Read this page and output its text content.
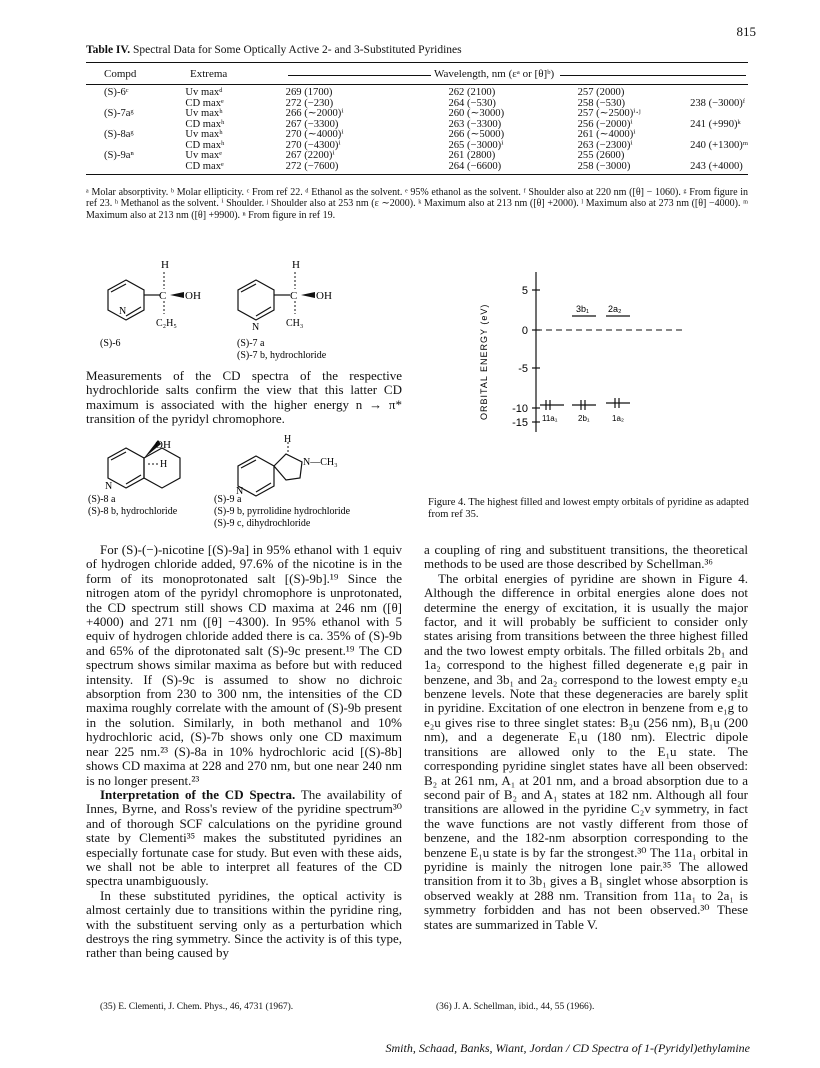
815
Table IV. Spectral Data for Some Optically Active 2- and 3-Substituted Pyridines
Compd	Extrema	Wavelength, nm (εᵃ or [θ]ᵇ)
(S)-6ᶜ	Uv maxᵈ	269 (1700)	262 (2100)	257 (2000)	
	CD maxᵉ	272 (−230)	264 (−530)	258 (−530)	238 (−3000)ᶠ
(S)-7aᵍ	Uv maxʰ	266 (∼2000)ⁱ	260 (∼3000)	257 (∼2500)ⁱ·ʲ	
	CD maxʰ	267 (−3300)	263 (−3300)	256 (−2000)ⁱ	241 (+990)ᵏ
(S)-8aᵍ	Uv maxʰ	270 (∼4000)ⁱ	266 (∼5000)	261 (∼4000)ⁱ	
	CD maxʰ	270 (−4300)ⁱ	265 (−3000)ⁱ	263 (−2300)ⁱ	240 (+1300)ᵐ
(S)-9aⁿ	Uv maxᵉ	267 (2200)ⁱ	261 (2800)	255 (2600)	
	CD maxᵉ	272 (−7600)	264 (−6600)	258 (−3000)	243 (+4000)
ᵃ Molar absorptivity. ᵇ Molar ellipticity. ᶜ From ref 22. ᵈ Ethanol as the solvent. ᵉ 95% ethanol as the solvent. ᶠ Shoulder also at 220 nm ([θ] − 1060). ᵍ From figure in ref 23. ʰ Methanol as the solvent. ⁱ Shoulder. ʲ Shoulder also at 253 nm (ε ∼2000). ᵏ Maximum also at 213 nm ([θ] +2000). ˡ Maximum also at 273 nm ([θ] −4000). ᵐ Maximum also at 213 nm ([θ] +9900). ⁿ From figure in ref 19.
H
C OH
N
C₂H₅
H
C OH
N	CH₃
(S)-6	(S)-7 a
(S)-7 b, hydrochloride

Measurements of the CD spectra of the respective hydrochloride salts confirm the view that this latter CD maximum is associated with the higher energy n → π* transition of the pyridyl chromophore.

OH
H
N
H
N—CH₃
N
(S)-8 a
(S)-8 b, hydrochloride
(S)-9 a
(S)-9 b, pyrrolidine hydrochloride
(S)-9 c, dihydrochloride
5
0
-5
-10
-15
3b₁ 2a₂
11a₁	2b₁	1a₂
ORBITAL ENERGY (eV)
Figure 4. The highest filled and lowest empty orbitals of pyridine as adapted from ref 35.

For (S)-(−)-nicotine [(S)-9a] in 95% ethanol with 1 equiv of hydrogen chloride added, 97.6% of the nicotine is in the form of its monoprotonated salt [(S)-9b].¹⁹ Since the nitrogen atom of the pyridyl chromophore is unprotonated, the CD spectrum still shows CD maxima at 246 nm ([θ] +4000) and 271 nm ([θ] −4300). In 95% ethanol with 5 equiv of hydrogen chloride added there is ca. 35% of (S)-9b and 65% of the diprotonated salt (S)-9c present.¹⁹ The CD spectrum shows similar maxima as before but with reduced intensity. If (S)-9c is assumed to show no dichroic absorption from 230 to 300 nm, the intensities of the CD maxima roughly correlate with the amount of (S)-9b present in the solution. Similarly, in both methanol and 10% hydrochloric acid, (S)-7b shows only one CD maximum near 225 nm.²³ (S)-8a in 10% hydrochloric acid [(S)-8b] shows CD maxima at 228 and 270 nm, but one near 240 nm is no longer present.²³

Interpretation of the CD Spectra. The availability of Innes, Byrne, and Ross's review of the pyridine spectrum³⁰ and of thorough SCF calculations on the pyridine ground state by Clementi³⁵ makes the substituted pyridines an especially fortunate case for study. But even with these aids, we shall not be able to interpret all features of the CD spectra unambiguously.

In these substituted pyridines, the optical activity is almost certainly due to transitions within the pyridine ring, with the substituent serving only as a perturbation which destroys the ring symmetry. Since the activity is of this type, rather than being caused by

(35) E. Clementi, J. Chem. Phys., 46, 4731 (1967).

a coupling of ring and substituent transitions, the theoretical methods to be used are those described by Schellman.³⁶

The orbital energies of pyridine are shown in Figure 4. Although the difference in orbital energies alone does not determine the energy of excitation, it is usually the major factor, and it will probably be sufficient to consider only states arising from transitions between the three highest filled and the two lowest empty orbitals. The filled orbitals 2b₁ and 1a₂ correspond to the highest filled degenerate e₁g pair in benzene, and 3b₁ and 2a₂ correspond to the lowest empty e₂u benzene levels. Note that these degeneracies are barely split in pyridine. Excitation of one electron in benzene from e₁g to e₂u gives rise to three singlet states: B₂u (256 nm), B₁u (200 nm), and a degenerate E₁u (180 nm). Electric dipole transitions are allowed only to the E₁u state. The corresponding pyridine singlet states have all been observed: B₂ at 261 nm, A₁ at 201 nm, and a broad absorption due to a second pair of B₂ and A₁ states at 182 nm. Although all four transitions are allowed in the pyridine C₂v symmetry, in fact the wave functions are not vastly different from those of benzene, and the 182-nm absorption corresponding to the benzene E₁u state is by far the strongest.³⁰ The 11a₁ orbital in pyridine is mainly the nitrogen lone pair.³⁵ The allowed transition from it to 3b₁ gives a B₁ singlet whose absorption is observed weakly at 288 nm. Transition from 11a₁ to 2a₁ is symmetry forbidden and has not been observed.³⁰ These states are summarized in Table V.

(36) J. A. Schellman, ibid., 44, 55 (1966).
Smith, Schaad, Banks, Wiant, Jordan / CD Spectra of 1-(Pyridyl)ethylamine
